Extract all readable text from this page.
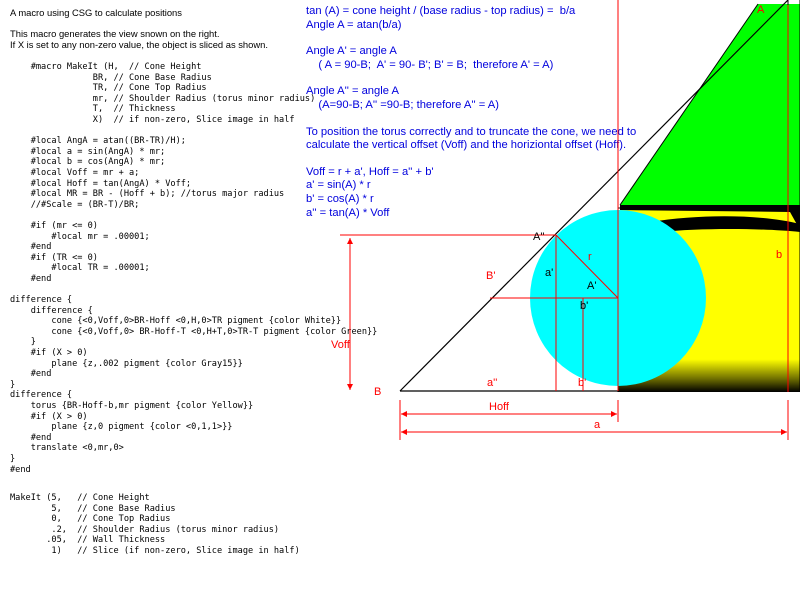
A macro using CSG to calculate positions
This macro generates the view snown on the right.
If X is set to any non-zero value, the object is sliced as shown.
#macro MakeIt (H,  // Cone Height
BR, // Cone Base Radius
TR, // Cone Top Radius
mr, // Shoulder Radius (torus minor radius)
T,  // Thickness
X)  // if non-zero, Slice image in half
#local AngA = atan((BR-TR)/H);
#local a = sin(AngA) * mr;
#local b = cos(AngA) * mr;
#local Voff = mr + a;
#local Hoff = tan(AngA) * Voff;
#local MR = BR - (Hoff + b); //torus major radius
//#Scale = (BR-T)/BR;
#if (mr <= 0)
#local mr = .00001;
#end
#if (TR <= 0)
#local TR = .00001;
#end
difference {
difference {
cone {<0,Voff,0>BR-Hoff <0,H,0>TR pigment {color White}}
cone {<0,Voff,0> BR-Hoff-T <0,H+T,0>TR-T pigment {color Green}}
}
#if (X > 0)
plane {z,.002 pigment {color Gray15}}
#end
}
difference {
torus {BR-Hoff-b,mr pigment {color Yellow}}
#if (X > 0)
plane {z,0 pigment {color <0,1,1>}}
#end
translate <0,mr,0>
}
#end
MakeIt (5,   // Cone Height
5,   // Cone Base Radius
0,   // Cone Top Radius
.2,  // Shoulder Radius (torus minor radius)
.05,  // Wall Thickness
1)   // Slice (if non-zero, Slice image in half)
tan (A) = cone height / (base radius - top radius) =  b/a
Angle A = atan(b/a)
Angle A' = angle A
( A = 90-B;  A' = 90- B'; B' = B;  therefore A' = A)
Angle A'' = angle A
(A=90-B; A'' =90-B; therefore A'' = A)
To position the torus correctly and to truncate the cone, we need to
calculate the vertical offset (Voff) and the horiziontal offset (Hoff).
Voff = r + a', Hoff = a'' + b'
a' = sin(A) * r
b' = cos(A) * r
a'' = tan(A) * Voff
A
B
A''
A'
B'	a'
b'
b'
a''
r	b
Voff
Hoff
a
